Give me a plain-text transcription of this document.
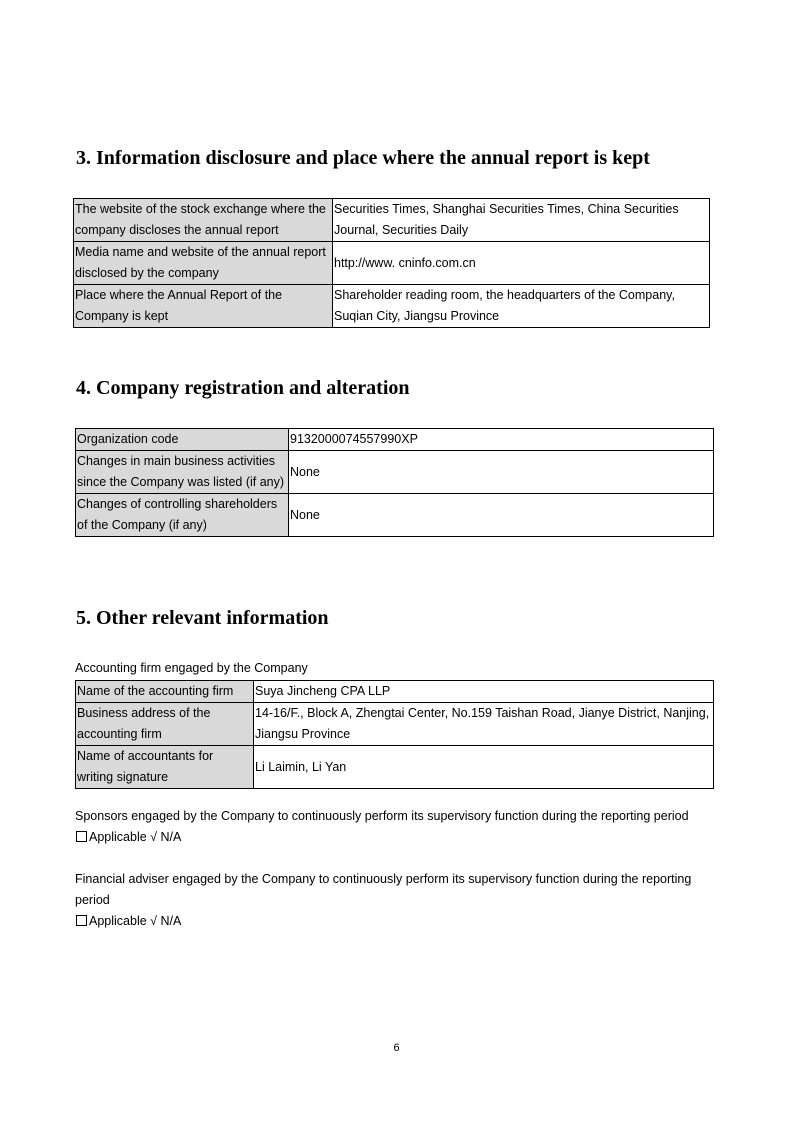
3. Information disclosure and place where the annual report is kept
The website of the stock exchange where the company discloses the annual report	Securities Times, Shanghai Securities Times, China Securities Journal, Securities Daily
Media name and website of the annual report disclosed by the company	http://www. cninfo.com.cn
Place where the Annual Report of the Company is kept	Shareholder reading room, the headquarters of the Company, Suqian City, Jiangsu Province
4. Company registration and alteration
Organization code	9132000074557990XP
Changes in main business activities since the Company was listed (if any)	None
Changes of controlling shareholders of the Company (if any)	None
5. Other relevant information

Accounting firm engaged by the Company

Name of the accounting firm	Suya Jincheng CPA LLP
Business address of the accounting firm	14-16/F., Block A, Zhengtai Center, No.159 Taishan Road, Jianye District, Nanjing, Jiangsu Province
Name of accountants for writing signature	Li Laimin, Li Yan

Sponsors engaged by the Company to continuously perform its supervisory function during the reporting period

Applicable √ N/A

Financial adviser engaged by the Company to continuously perform its supervisory function during the reporting period

Applicable √ N/A

6
